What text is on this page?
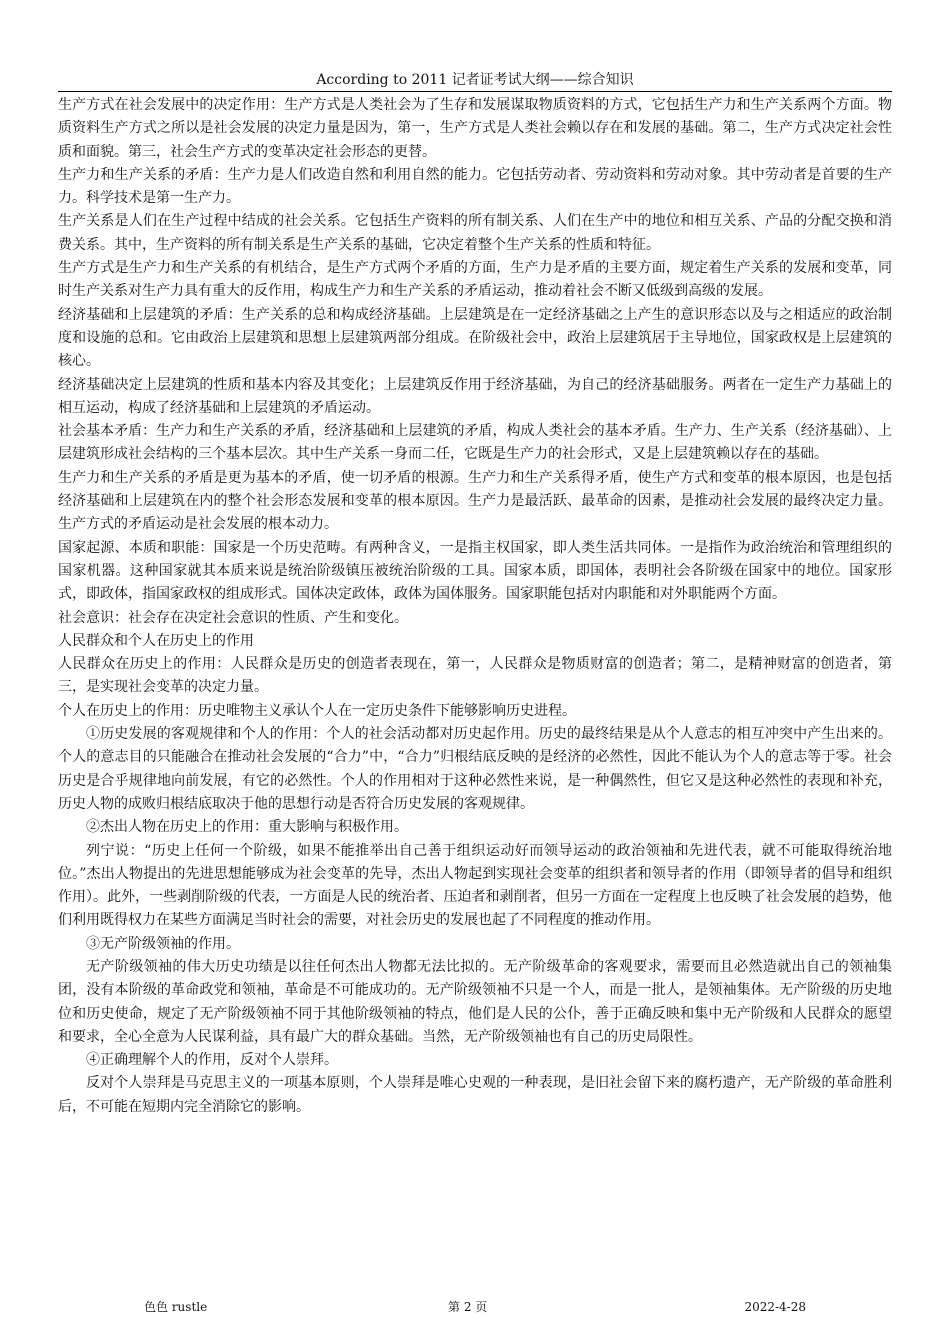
According to 2011 记者证考试大纲——综合知识

生产方式在社会发展中的决定作用：生产方式是人类社会为了生存和发展谋取物质资料的方式，它包括生产力和生产关系两个方面。物质资料生产方式之所以是社会发展的决定力量是因为，第一，生产方式是人类社会赖以存在和发展的基础。第二，生产方式决定社会性质和面貌。第三，社会生产方式的变革决定社会形态的更替。

生产力和生产关系的矛盾：生产力是人们改造自然和利用自然的能力。它包括劳动者、劳动资料和劳动对象。其中劳动者是首要的生产力。科学技术是第一生产力。

生产关系是人们在生产过程中结成的社会关系。它包括生产资料的所有制关系、人们在生产中的地位和相互关系、产品的分配交换和消费关系。其中，生产资料的所有制关系是生产关系的基础，它决定着整个生产关系的性质和特征。

生产方式是生产力和生产关系的有机结合，是生产方式两个矛盾的方面，生产力是矛盾的主要方面，规定着生产关系的发展和变革，同时生产关系对生产力具有重大的反作用，构成生产力和生产关系的矛盾运动，推动着社会不断又低级到高级的发展。

经济基础和上层建筑的矛盾：生产关系的总和构成经济基础。上层建筑是在一定经济基础之上产生的意识形态以及与之相适应的政治制度和设施的总和。它由政治上层建筑和思想上层建筑两部分组成。在阶级社会中，政治上层建筑居于主导地位，国家政权是上层建筑的核心。

经济基础决定上层建筑的性质和基本内容及其变化；上层建筑反作用于经济基础，为自己的经济基础服务。两者在一定生产力基础上的相互运动，构成了经济基础和上层建筑的矛盾运动。

社会基本矛盾：生产力和生产关系的矛盾，经济基础和上层建筑的矛盾，构成人类社会的基本矛盾。生产力、生产关系（经济基础）、上层建筑形成社会结构的三个基本层次。其中生产关系一身而二任，它既是生产力的社会形式，又是上层建筑赖以存在的基础。

生产力和生产关系的矛盾是更为基本的矛盾，使一切矛盾的根源。生产力和生产关系得矛盾，使生产方式和变革的根本原因，也是包括经济基础和上层建筑在内的整个社会形态发展和变革的根本原因。生产力是最活跃、最革命的因素，是推动社会发展的最终决定力量。生产方式的矛盾运动是社会发展的根本动力。

国家起源、本质和职能：国家是一个历史范畴。有两种含义，一是指主权国家，即人类生活共同体。一是指作为政治统治和管理组织的国家机器。这种国家就其本质来说是统治阶级镇压被统治阶级的工具。国家本质，即国体，表明社会各阶级在国家中的地位。国家形式，即政体，指国家政权的组成形式。国体决定政体，政体为国体服务。国家职能包括对内职能和对外职能两个方面。

社会意识：社会存在决定社会意识的性质、产生和变化。

人民群众和个人在历史上的作用

人民群众在历史上的作用：人民群众是历史的创造者表现在，第一，人民群众是物质财富的创造者；第二，是精神财富的创造者，第三，是实现社会变革的决定力量。

个人在历史上的作用：历史唯物主义承认个人在一定历史条件下能够影响历史进程。

①历史发展的客观规律和个人的作用：个人的社会活动都对历史起作用。历史的最终结果是从个人意志的相互冲突中产生出来的。个人的意志目的只能融合在推动社会发展的“合力”中，“合力”归根结底反映的是经济的必然性，因此不能认为个人的意志等于零。社会历史是合乎规律地向前发展，有它的必然性。个人的作用相对于这种必然性来说，是一种偶然性，但它又是这种必然性的表现和补充，历史人物的成败归根结底取决于他的思想行动是否符合历史发展的客观规律。

②杰出人物在历史上的作用：重大影响与积极作用。

列宁说：“历史上任何一个阶级，如果不能推举出自己善于组织运动好而领导运动的政治领袖和先进代表，就不可能取得统治地位。”杰出人物提出的先进思想能够成为社会变革的先导，杰出人物起到实现社会变革的组织者和领导者的作用（即领导者的倡导和组织作用）。此外，一些剥削阶级的代表，一方面是人民的统治者、压迫者和剥削者，但另一方面在一定程度上也反映了社会发展的趋势，他们利用既得权力在某些方面满足当时社会的需要，对社会历史的发展也起了不同程度的推动作用。

③无产阶级领袖的作用。

无产阶级领袖的伟大历史功绩是以往任何杰出人物都无法比拟的。无产阶级革命的客观要求，需要而且必然造就出自己的领袖集团，没有本阶级的革命政党和领袖，革命是不可能成功的。无产阶级领袖不只是一个人，而是一批人，是领袖集体。无产阶级的历史地位和历史使命，规定了无产阶级领袖不同于其他阶级领袖的特点，他们是人民的公仆，善于正确反映和集中无产阶级和人民群众的愿望和要求，全心全意为人民谋利益，具有最广大的群众基础。当然，无产阶级领袖也有自己的历史局限性。

④正确理解个人的作用，反对个人崇拜。

反对个人崇拜是马克思主义的一项基本原则，个人崇拜是唯心史观的一种表现，是旧社会留下来的腐朽遗产，无产阶级的革命胜利后，不可能在短期内完全消除它的影响。

色色 rustle	第 2 页	2022-4-28
